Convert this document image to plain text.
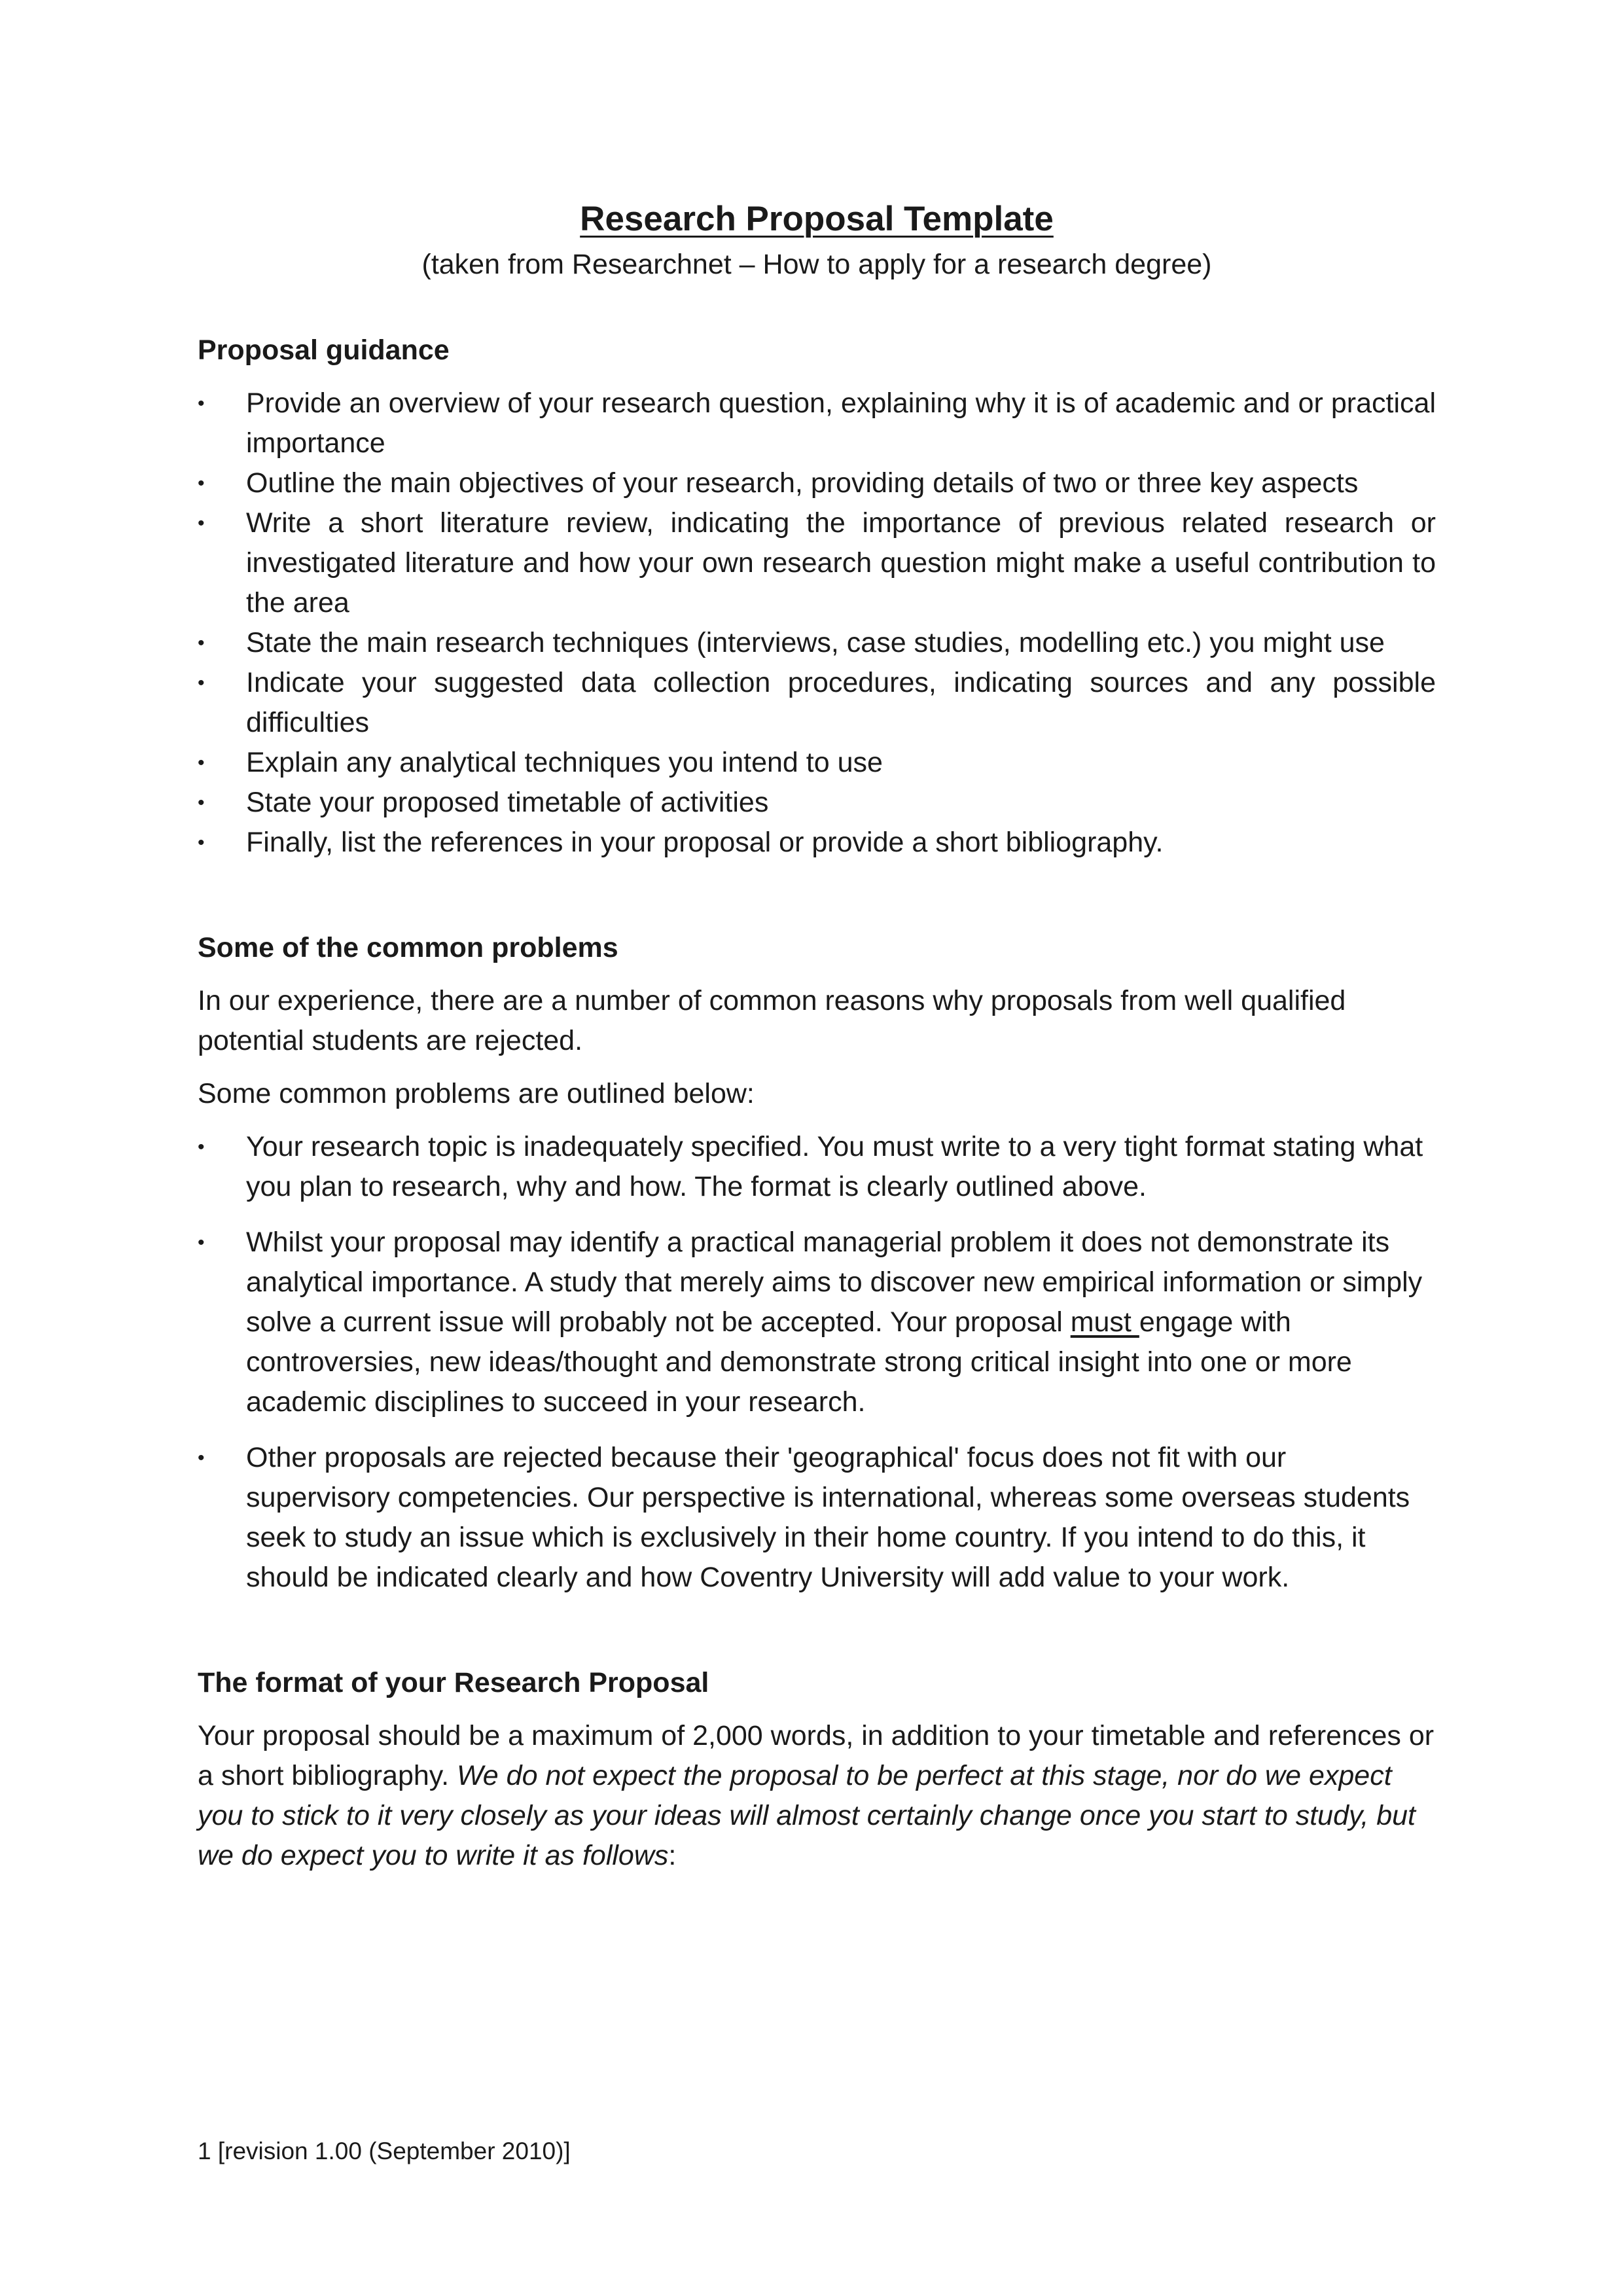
Research Proposal Template

(taken from Researchnet – How to apply for a research degree)

Proposal guidance

•	Provide an overview of your research question, explaining why it is of academic and or practical importance
•	Outline the main objectives of your research, providing details of two or three key aspects
•	Write a short literature review, indicating the importance of previous related research or investigated literature and how your own research question might make a useful contribution to the area
•	State the main research techniques (interviews, case studies, modelling etc.) you might use
•	Indicate your suggested data collection procedures, indicating sources and any possible difficulties
•	Explain any analytical techniques you intend to use
•	State your proposed timetable of activities
•	Finally, list the references in your proposal or provide a short bibliography.

Some of the common problems

In our experience, there are a number of common reasons why proposals from well qualified potential students are rejected.

Some common problems are outlined below:

•	Your research topic is inadequately specified. You must write to a very tight format stating what you plan to research, why and how. The format is clearly outlined above.
•	Whilst your proposal may identify a practical managerial problem it does not demonstrate its analytical importance. A study that merely aims to discover new empirical information or simply solve a current issue will probably not be accepted. Your proposal must engage with controversies, new ideas/thought and demonstrate strong critical insight into one or more academic disciplines to succeed in your research.
•	Other proposals are rejected because their 'geographical' focus does not fit with our supervisory competencies. Our perspective is international, whereas some overseas students seek to study an issue which is exclusively in their home country. If you intend to do this, it should be indicated clearly and how Coventry University will add value to your work.

The format of your Research Proposal

Your proposal should be a maximum of 2,000 words, in addition to your timetable and references or a short bibliography. We do not expect the proposal to be perfect at this stage, nor do we expect you to stick to it very closely as your ideas will almost certainly change once you start to study, but we do expect you to write it as follows:

1 [revision 1.00 (September 2010)]
